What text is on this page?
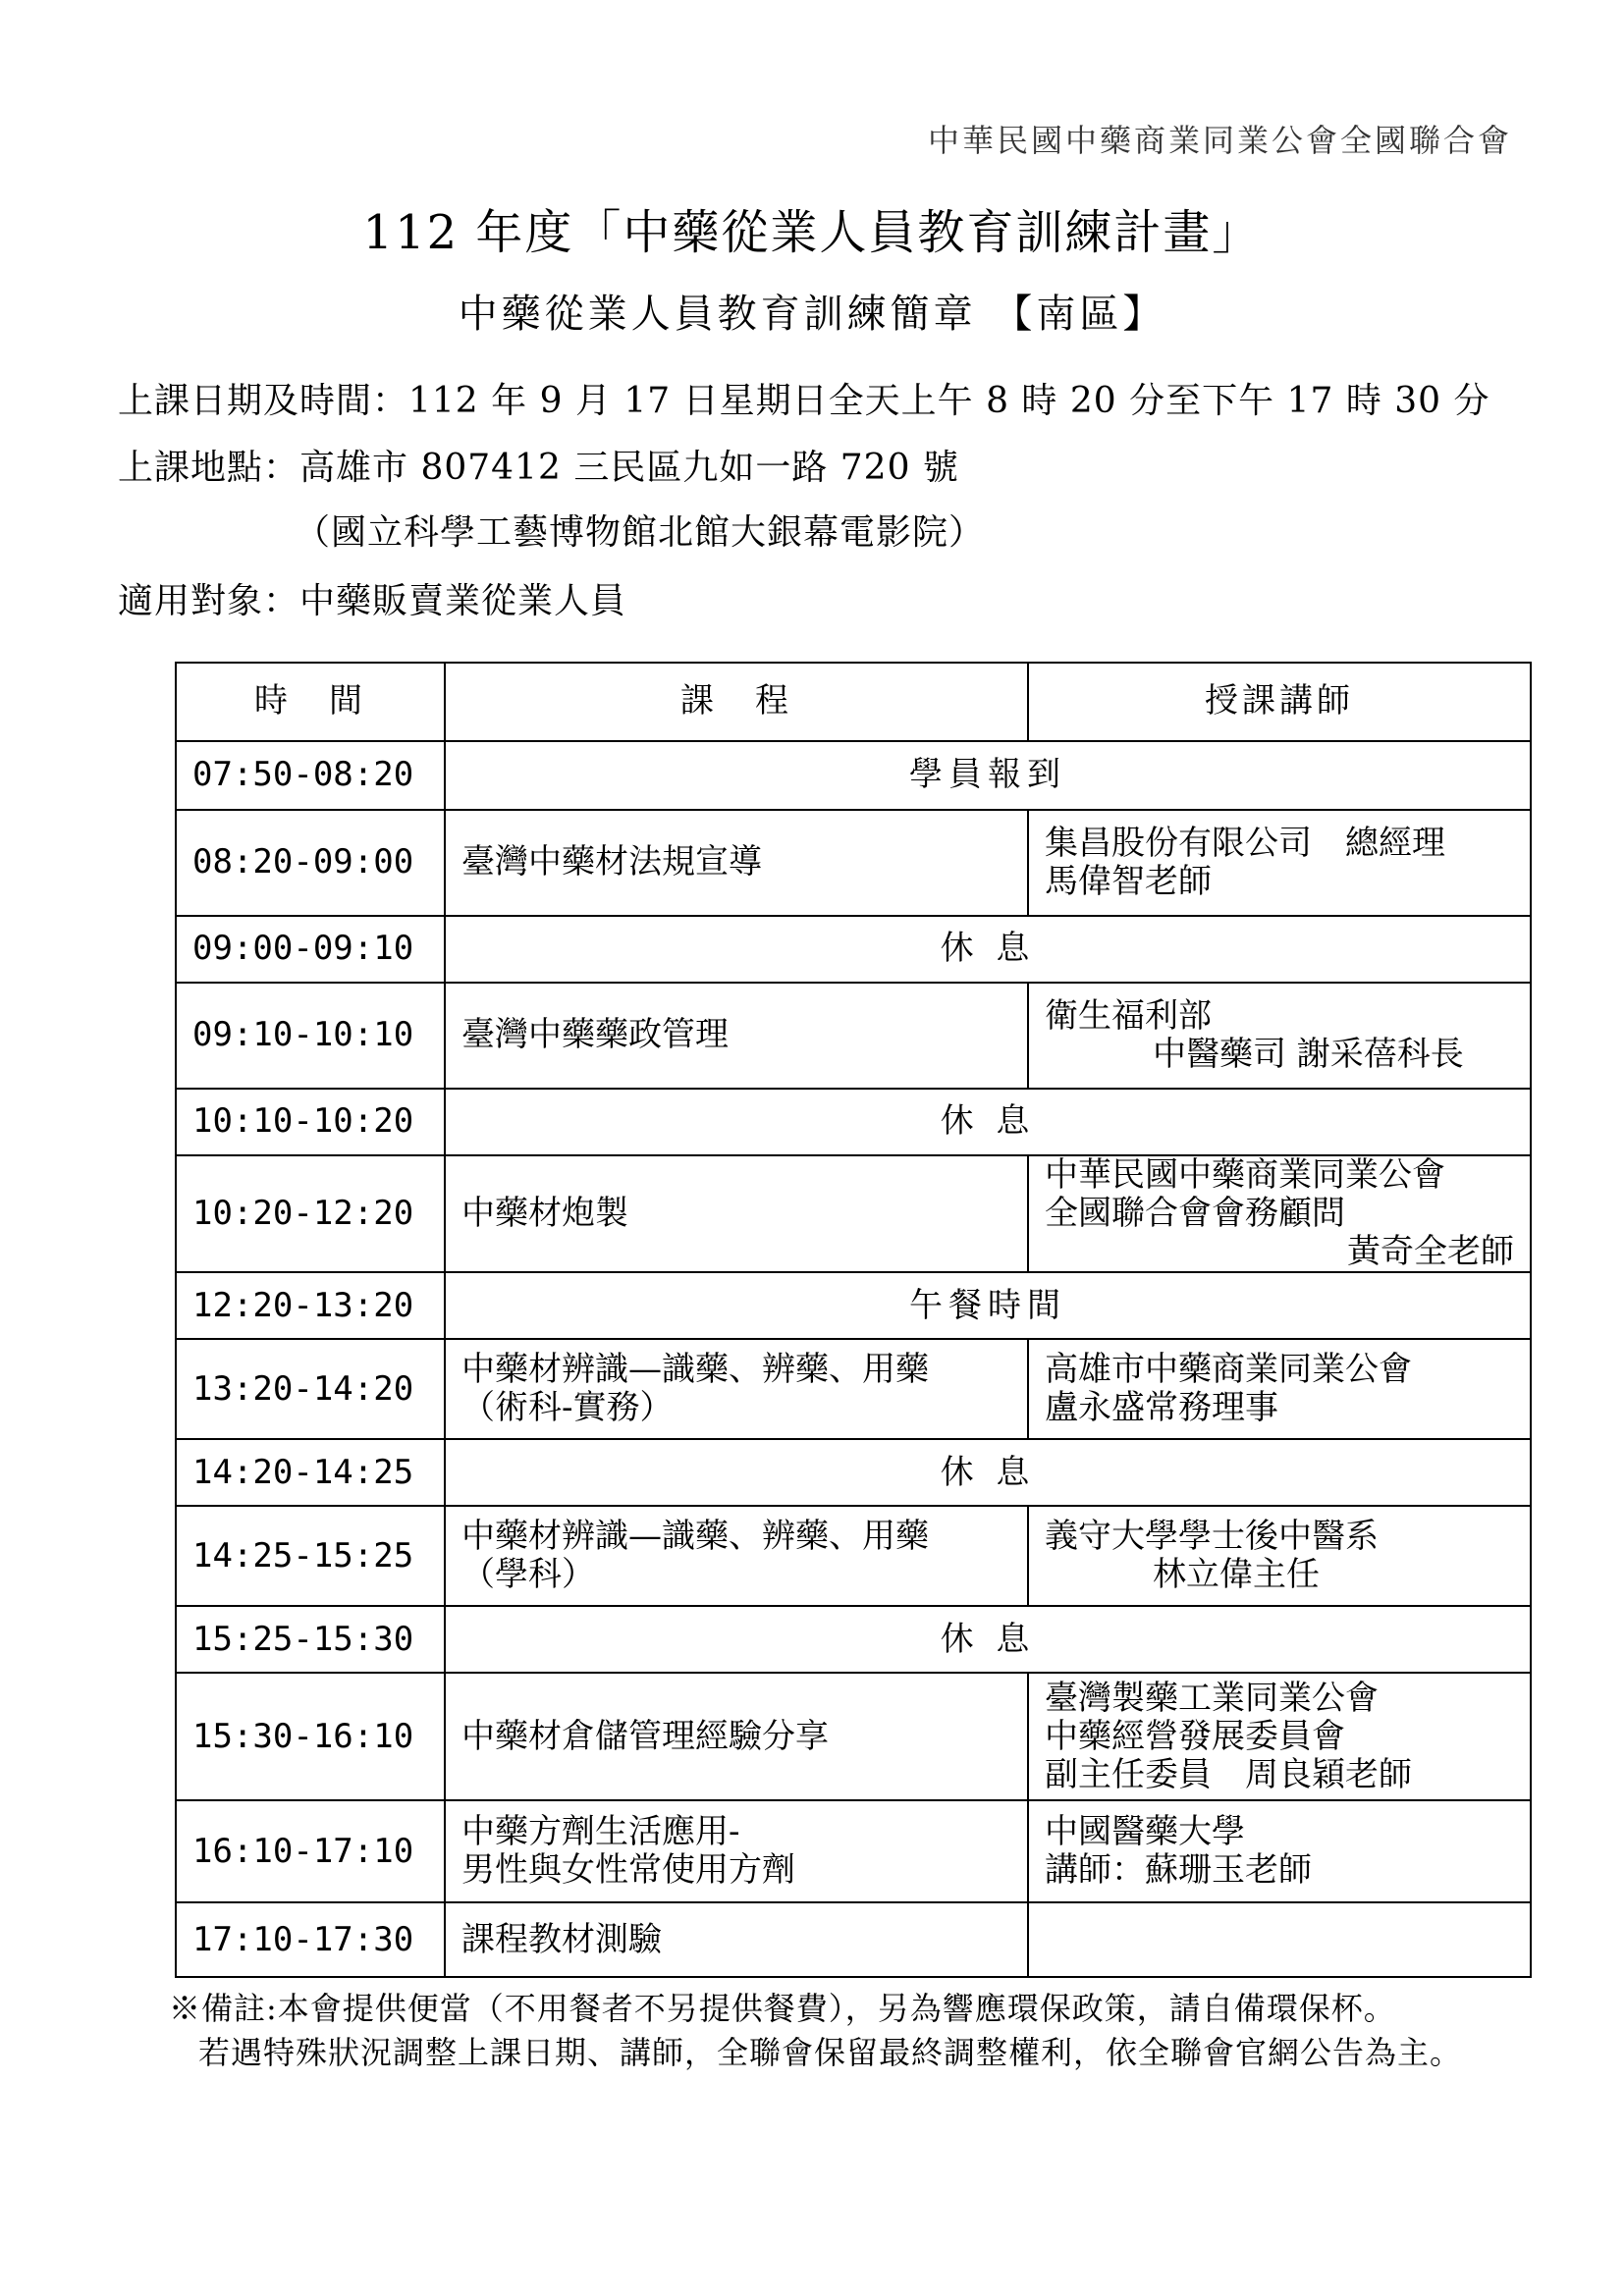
中華民國中藥商業同業公會全國聯合會
112 年度「中藥從業人員教育訓練計畫」
中藥從業人員教育訓練簡章 【南區】
上課日期及時間：112 年 9 月 17 日星期日全天上午 8 時 20 分至下午 17 時 30 分
上課地點：高雄市 807412 三民區九如一路 720 號
（國立科學工藝博物館北館大銀幕電影院）
適用對象：中藥販賣業從業人員
時　間	課　程	授課講師
07:50-08:20	學員報到	
08:20-09:00	臺灣中藥材法規宣導	集昌股份有限公司　總經理
馬偉智老師

09:00-09:10	休 息	
09:10-10:10	臺灣中藥藥政管理	衛生福利部
中醫藥司 謝采蓓科長

10:10-10:20	休 息	
10:20-12:20	中藥材炮製	中華民國中藥商業同業公會
全國聯合會會務顧問
黃奇全老師

12:20-13:20	午餐時間	
13:20-14:20	中藥材辨識—識藥、辨藥、用藥
（術科-實務）	高雄市中藥商業同業公會
盧永盛常務理事

14:20-14:25	休 息	
14:25-15:25	中藥材辨識—識藥、辨藥、用藥
（學科）	義守大學學士後中醫系
林立偉主任

15:25-15:30	休 息	
15:30-16:10	中藥材倉儲管理經驗分享	臺灣製藥工業同業公會
中藥經營發展委員會
副主任委員　周良穎老師

16:10-17:10	中藥方劑生活應用-
男性與女性常使用方劑	中國醫藥大學
講師：蘇珊玉老師

17:10-17:30	課程教材測驗	

※備註:本會提供便當（不用餐者不另提供餐費），另為響應環保政策，請自備環保杯。
若遇特殊狀況調整上課日期、講師，全聯會保留最終調整權利，依全聯會官網公告為主。
